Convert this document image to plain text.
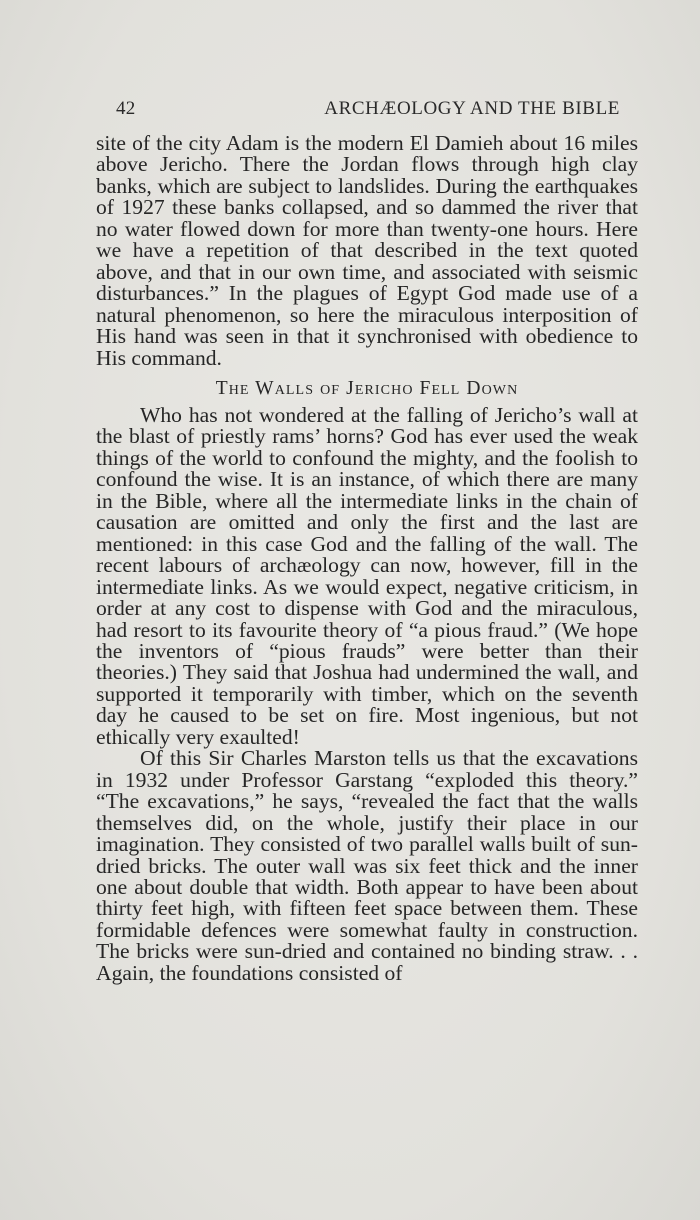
42	ARCHÆOLOGY AND THE BIBLE

site of the city Adam is the modern El Damieh about 16 miles above Jericho. There the Jordan flows through high clay banks, which are subject to landslides. During the earthquakes of 1927 these banks collapsed, and so dammed the river that no water flowed down for more than twenty-one hours. Here we have a repetition of that described in the text quoted above, and that in our own time, and associated with seismic disturbances.” In the plagues of Egypt God made use of a natural phenomenon, so here the miraculous interposition of His hand was seen in that it synchronised with obedience to His command.

The Walls of Jericho Fell Down

Who has not wondered at the falling of Jericho’s wall at the blast of priestly rams’ horns? God has ever used the weak things of the world to confound the mighty, and the foolish to confound the wise. It is an instance, of which there are many in the Bible, where all the intermediate links in the chain of causation are omitted and only the first and the last are mentioned: in this case God and the falling of the wall. The recent labours of archæology can now, however, fill in the intermediate links. As we would expect, negative criticism, in order at any cost to dispense with God and the miraculous, had resort to its favourite theory of “a pious fraud.” (We hope the inventors of “pious frauds” were better than their theories.) They said that Joshua had undermined the wall, and supported it temporarily with timber, which on the seventh day he caused to be set on fire. Most ingenious, but not ethically very exaulted!

Of this Sir Charles Marston tells us that the excavations in 1932 under Professor Garstang “exploded this theory.” “The excavations,” he says, “revealed the fact that the walls themselves did, on the whole, justify their place in our imagination. They consisted of two parallel walls built of sun-dried bricks. The outer wall was six feet thick and the inner one about double that width. Both appear to have been about thirty feet high, with fifteen feet space between them. These formidable defences were somewhat faulty in construction. The bricks were sun-dried and contained no binding straw. . . Again, the foundations consisted of
